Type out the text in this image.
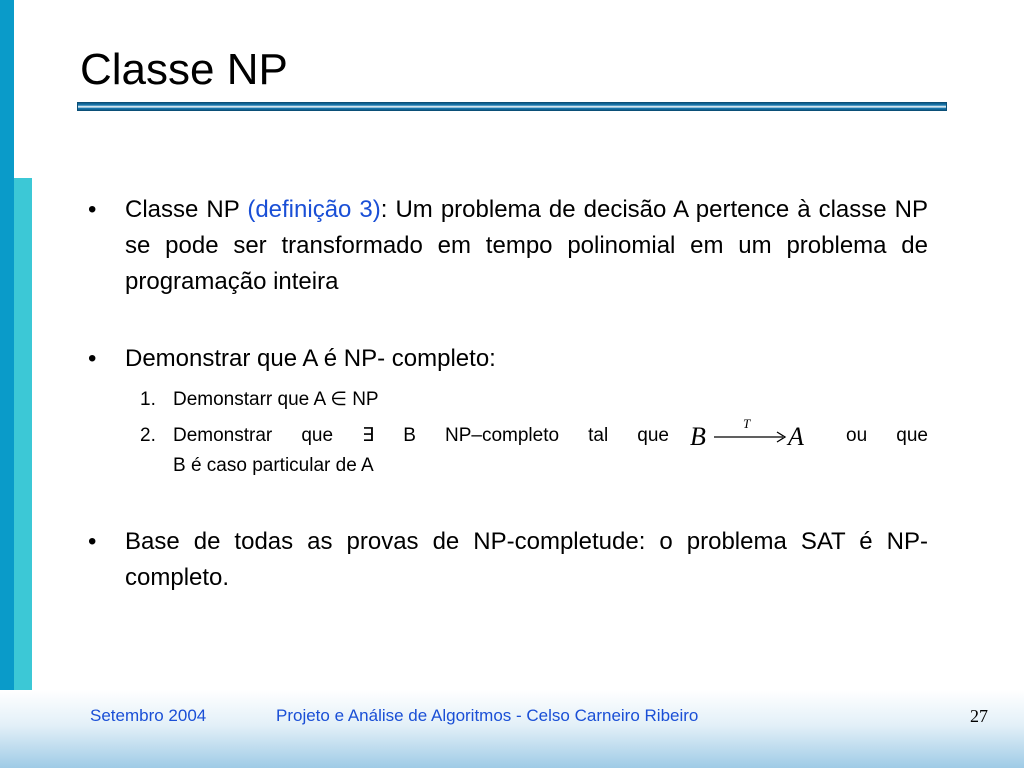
Classe NP
• Classe NP (definição 3): Um problema de decisão A pertence à classe NP se pode ser transformado em tempo polinomial em um problema de programação inteira
• Demonstrar que A é NP- completo:
1. Demonstarr que A ∈ NP
2. Demonstrar que ∃ B NP–completo tal que B	T A ou que
B é caso particular de A
• Base de todas as provas de NP-completude: o problema SAT é NP-completo.
Setembro 2004	Projeto e Análise de Algoritmos - Celso Carneiro Ribeiro	27
